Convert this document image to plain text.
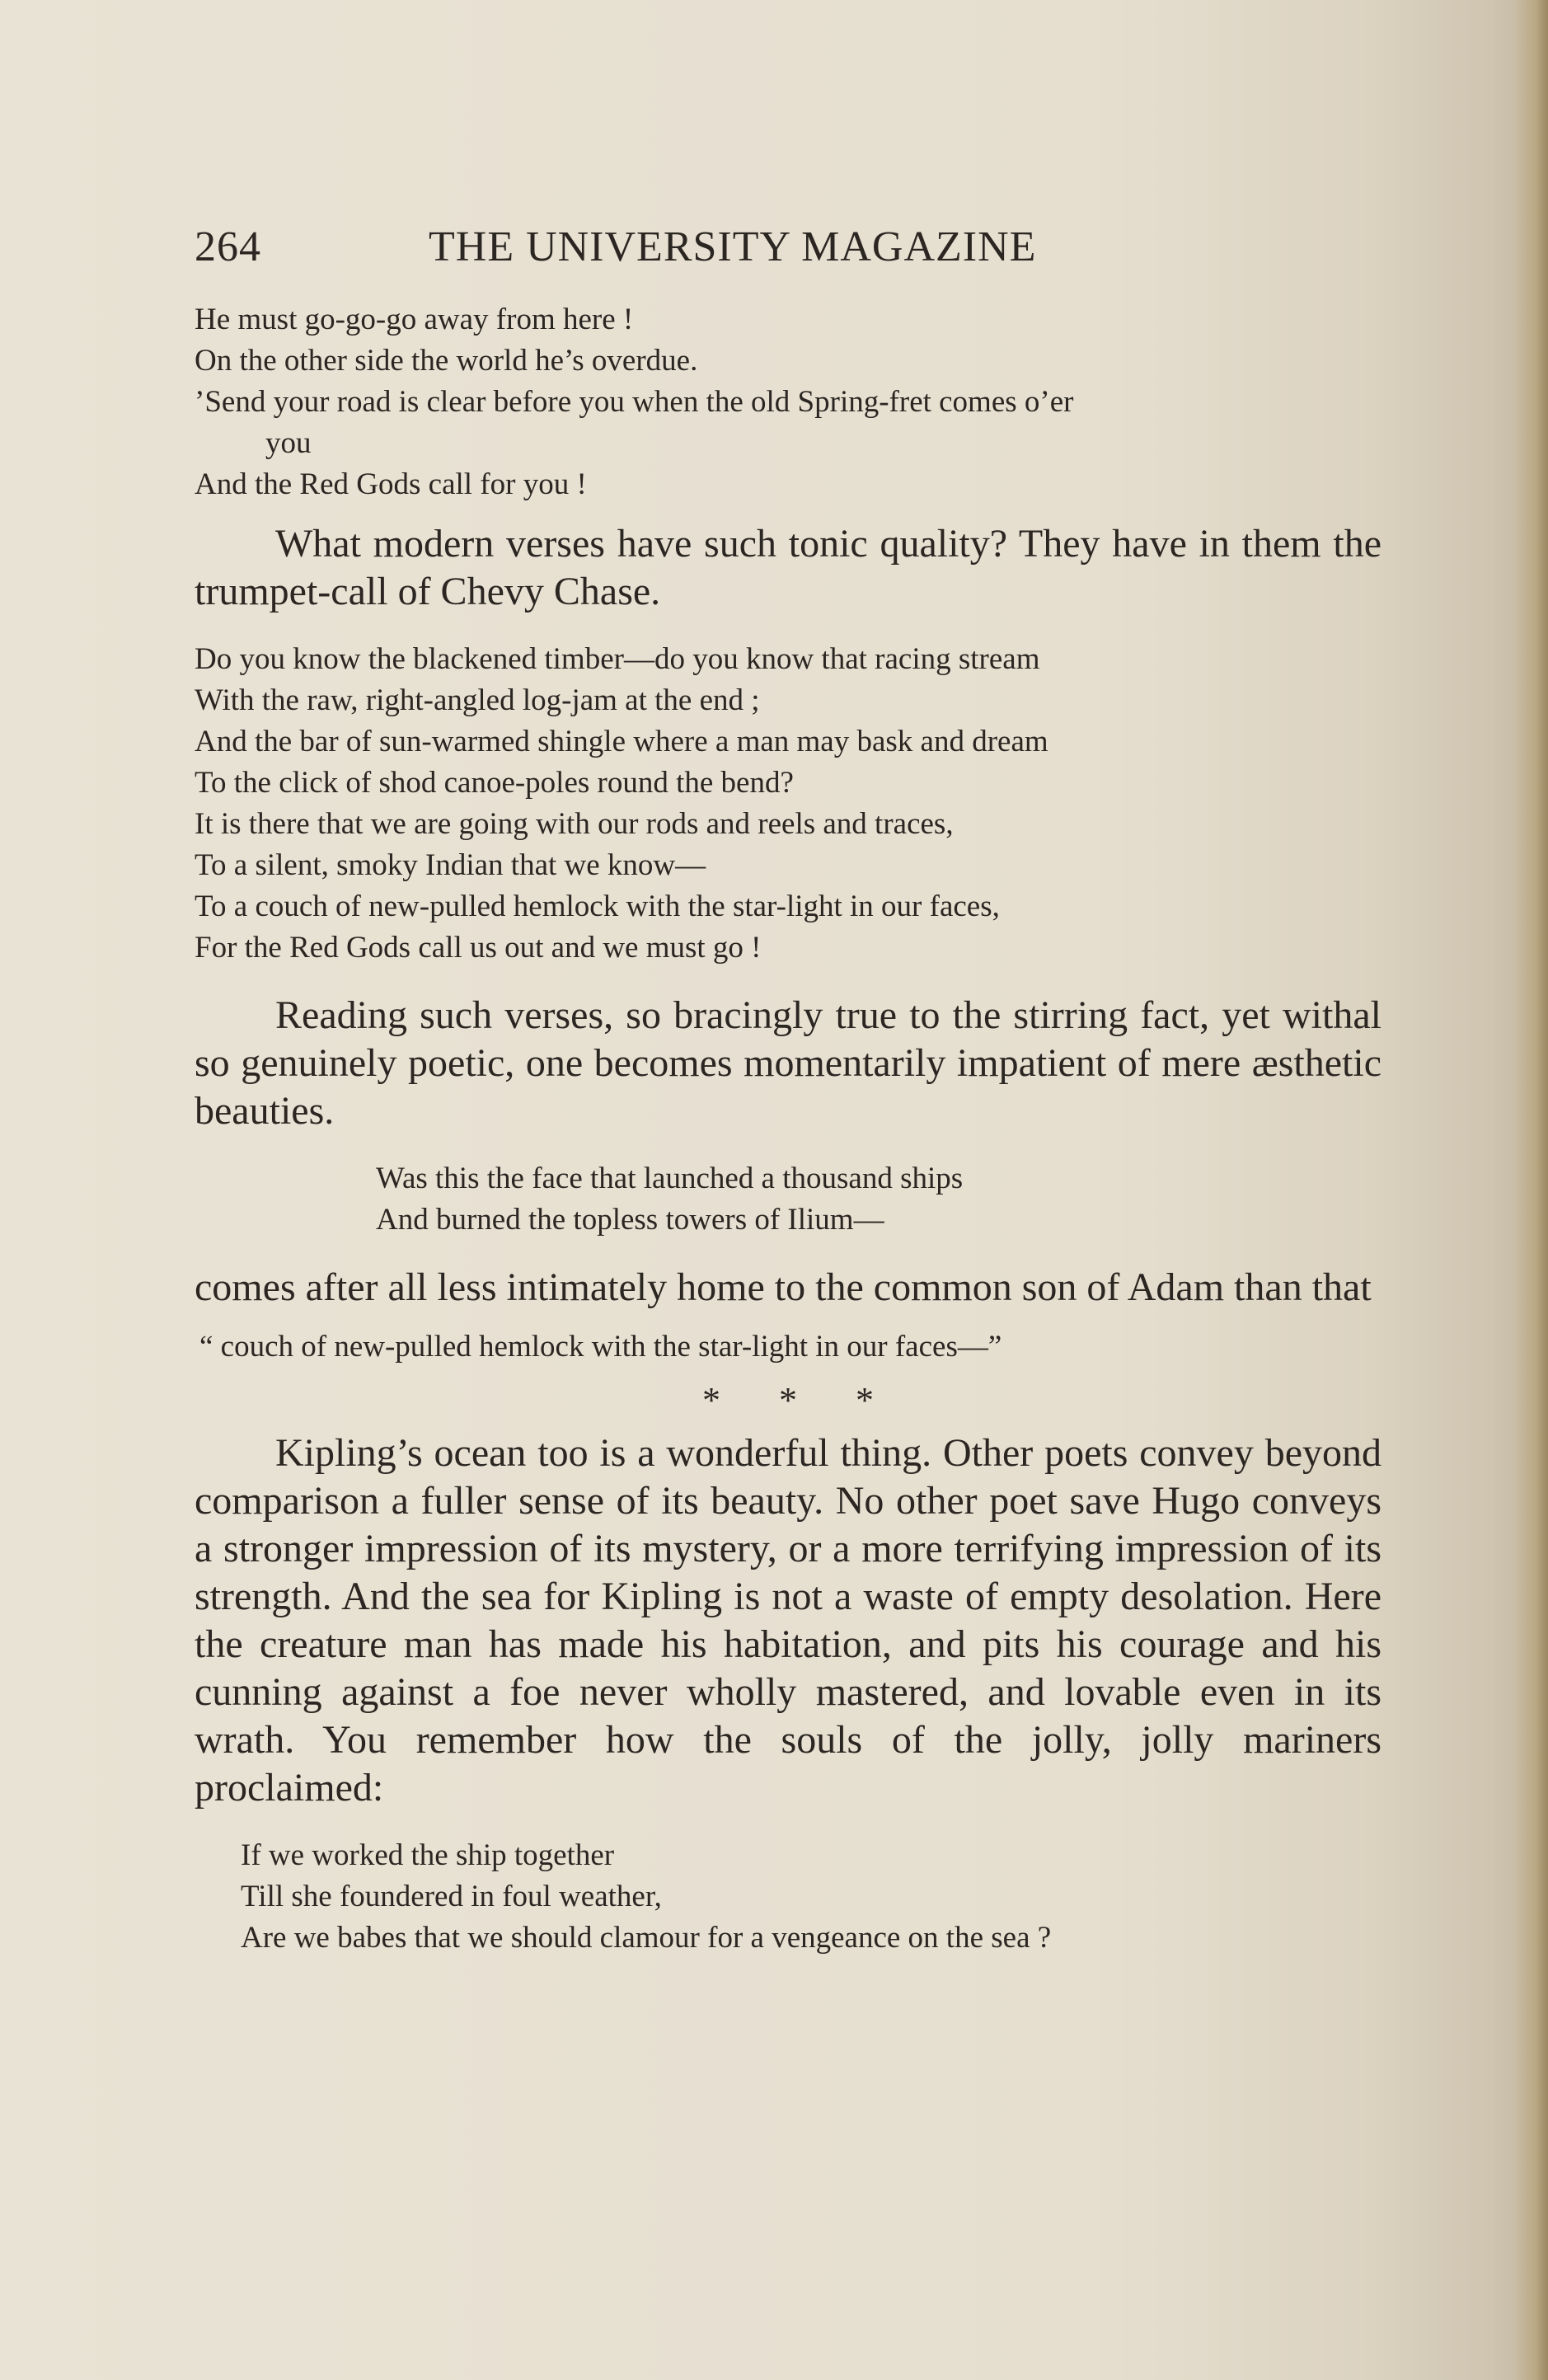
264	THE UNIVERSITY MAGAZINE
He must go-go-go away from here !
On the other side the world he’s overdue.
’Send your road is clear before you when the old Spring-fret comes o’er
you
And the Red Gods call for you !

What modern verses have such tonic quality? They have in them the trumpet-call of Chevy Chase.

Do you know the blackened timber—do you know that racing stream
With the raw, right-angled log-jam at the end ;
And the bar of sun-warmed shingle where a man may bask and dream
To the click of shod canoe-poles round the bend?
It is there that we are going with our rods and reels and traces,
To a silent, smoky Indian that we know—
To a couch of new-pulled hemlock with the star-light in our faces,
For the Red Gods call us out and we must go !

Reading such verses, so bracingly true to the stirring fact, yet withal so genuinely poetic, one becomes momentarily impatient of mere æsthetic beauties.

Was this the face that launched a thousand ships
And burned the topless towers of Ilium—

comes after all less intimately home to the common son of Adam than that

“ couch of new-pulled hemlock with the star-light in our faces—”
* * *

Kipling’s ocean too is a wonderful thing. Other poets convey beyond comparison a fuller sense of its beauty. No other poet save Hugo conveys a stronger impression of its mystery, or a more terrifying impression of its strength. And the sea for Kipling is not a waste of empty desolation. Here the creature man has made his habitation, and pits his courage and his cunning against a foe never wholly mastered, and lovable even in its wrath. You remember how the souls of the jolly, jolly mariners proclaimed:

If we worked the ship together
Till she foundered in foul weather,
Are we babes that we should clamour for a vengeance on the sea ?
